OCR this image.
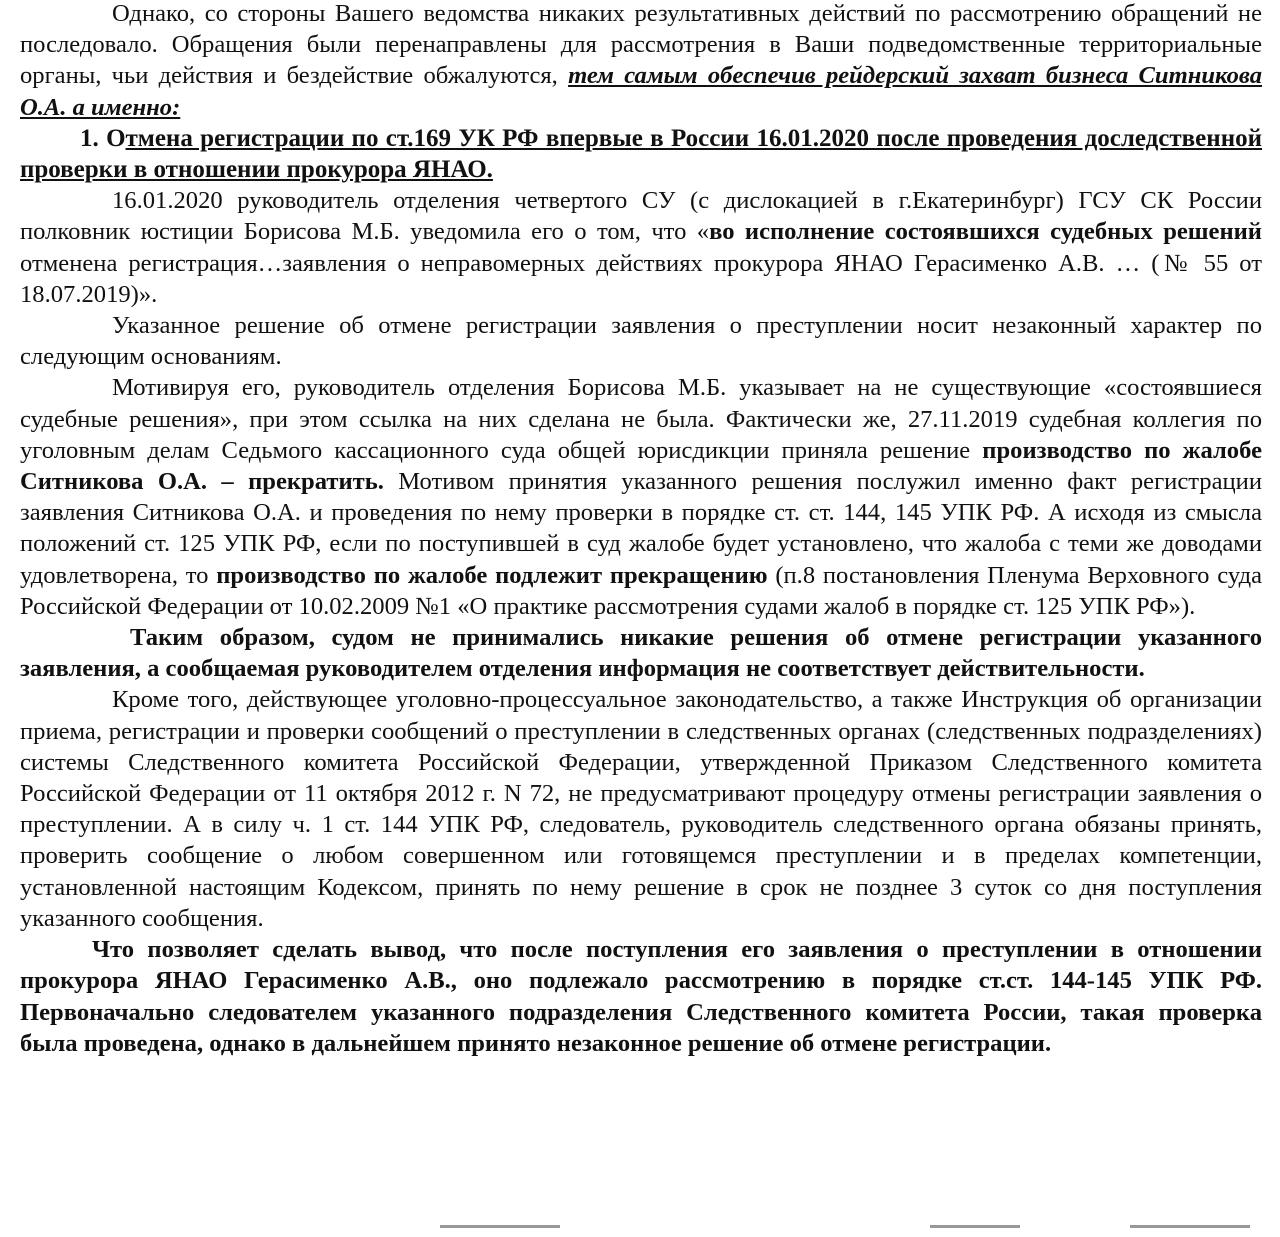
Однако, со стороны Вашего ведомства никаких результативных действий по рассмотрению обращений не последовало. Обращения были перенаправлены для рассмотрения в Ваши подведомственные территориальные органы, чьи действия и бездействие обжалуются, тем самым обеспечив рейдерский захват бизнеса Ситникова О.А. а именно:

1. Отмена регистрации по ст.169 УК РФ впервые в России 16.01.2020 после проведения доследственной проверки в отношении прокурора ЯНАО.

16.01.2020 руководитель отделения четвертого СУ (с дислокацией в г.Екатеринбург) ГСУ СК России полковник юстиции Борисова М.Б. уведомила его о том, что «во исполнение состоявшихся судебных решений отменена регистрация…заявления о неправомерных действиях прокурора ЯНАО Герасименко А.В. … (№ 55 от 18.07.2019)».

Указанное решение об отмене регистрации заявления о преступлении носит незаконный характер по следующим основаниям.

Мотивируя его, руководитель отделения Борисова М.Б. указывает на не существующие «состоявшиеся судебные решения», при этом ссылка на них сделана не была. Фактически же, 27.11.2019 судебная коллегия по уголовным делам Седьмого кассационного суда общей юрисдикции приняла решение производство по жалобе Ситникова О.А. – прекратить. Мотивом принятия указанного решения послужил именно факт регистрации заявления Ситникова О.А. и проведения по нему проверки в порядке ст. ст. 144, 145 УПК РФ. А исходя из смысла положений ст. 125 УПК РФ, если по поступившей в суд жалобе будет установлено, что жалоба с теми же доводами удовлетворена, то производство по жалобе подлежит прекращению (п.8 постановления Пленума Верховного суда Российской Федерации от 10.02.2009 №1 «О практике рассмотрения судами жалоб в порядке ст. 125 УПК РФ»).

Таким образом, судом не принимались никакие решения об отмене регистрации указанного заявления, а сообщаемая руководителем отделения информация не соответствует действительности.

Кроме того, действующее уголовно-процессуальное законодательство, а также Инструкция об организации приема, регистрации и проверки сообщений о преступлении в следственных органах (следственных подразделениях) системы Следственного комитета Российской Федерации, утвержденной Приказом Следственного комитета Российской Федерации от 11 октября 2012 г. N 72, не предусматривают процедуру отмены регистрации заявления о преступлении. А в силу ч. 1 ст. 144 УПК РФ, следователь, руководитель следственного органа обязаны принять, проверить сообщение о любом совершенном или готовящемся преступлении и в пределах компетенции, установленной настоящим Кодексом, принять по нему решение в срок не позднее 3 суток со дня поступления указанного сообщения.

Что позволяет сделать вывод, что после поступления его заявления о преступлении в отношении прокурора ЯНАО Герасименко А.В., оно подлежало рассмотрению в порядке ст.ст. 144-145 УПК РФ. Первоначально следователем указанного подразделения Следственного комитета России, такая проверка была проведена, однако в дальнейшем принято незаконное решение об отмене регистрации.
